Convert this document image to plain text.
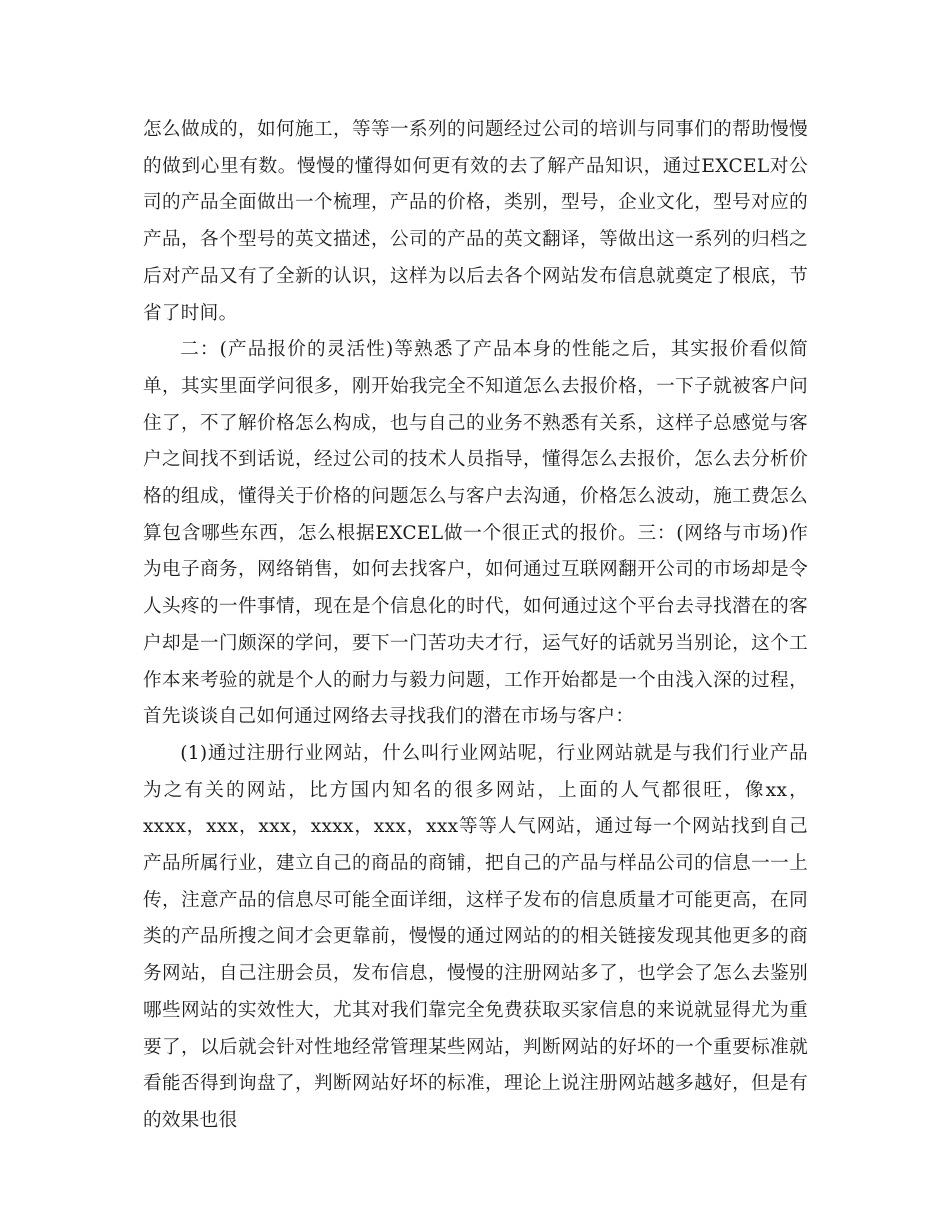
怎么做成的，如何施工，等等一系列的问题经过公司的培训与同事们的帮助慢慢的做到心里有数。慢慢的懂得如何更有效的去了解产品知识，通过EXCEL对公司的产品全面做出一个梳理，产品的价格，类别，型号，企业文化，型号对应的产品，各个型号的英文描述，公司的产品的英文翻译，等做出这一系列的归档之后对产品又有了全新的认识，这样为以后去各个网站发布信息就奠定了根底，节省了时间。

二：(产品报价的灵活性)等熟悉了产品本身的性能之后，其实报价看似简单，其实里面学问很多，刚开始我完全不知道怎么去报价格，一下子就被客户问住了，不了解价格怎么构成，也与自己的业务不熟悉有关系，这样子总感觉与客户之间找不到话说，经过公司的技术人员指导，懂得怎么去报价，怎么去分析价格的组成，懂得关于价格的问题怎么与客户去沟通，价格怎么波动，施工费怎么算包含哪些东西，怎么根据EXCEL做一个很正式的报价。三：(网络与市场)作为电子商务，网络销售，如何去找客户，如何通过互联网翻开公司的市场却是令人头疼的一件事情，现在是个信息化的时代，如何通过这个平台去寻找潜在的客户却是一门颇深的学问，要下一门苦功夫才行，运气好的话就另当别论，这个工作本来考验的就是个人的耐力与毅力问题，工作开始都是一个由浅入深的过程，首先谈谈自己如何通过网络去寻找我们的潜在市场与客户：

(1)通过注册行业网站，什么叫行业网站呢，行业网站就是与我们行业产品为之有关的网站，比方国内知名的很多网站，上面的人气都很旺，像xx，xxxx，xxx，xxx，xxxx，xxx，xxx等等人气网站，通过每一个网站找到自己产品所属行业，建立自己的商品的商铺，把自己的产品与样品公司的信息一一上传，注意产品的信息尽可能全面详细，这样子发布的信息质量才可能更高，在同类的产品所搜之间才会更靠前，慢慢的通过网站的的相关链接发现其他更多的商务网站，自己注册会员，发布信息，慢慢的注册网站多了，也学会了怎么去鉴别哪些网站的实效性大，尤其对我们靠完全免费获取买家信息的来说就显得尤为重要了，以后就会针对性地经常管理某些网站，判断网站的好坏的一个重要标准就看能否得到询盘了，判断网站好坏的标准，理论上说注册网站越多越好，但是有的效果也很
